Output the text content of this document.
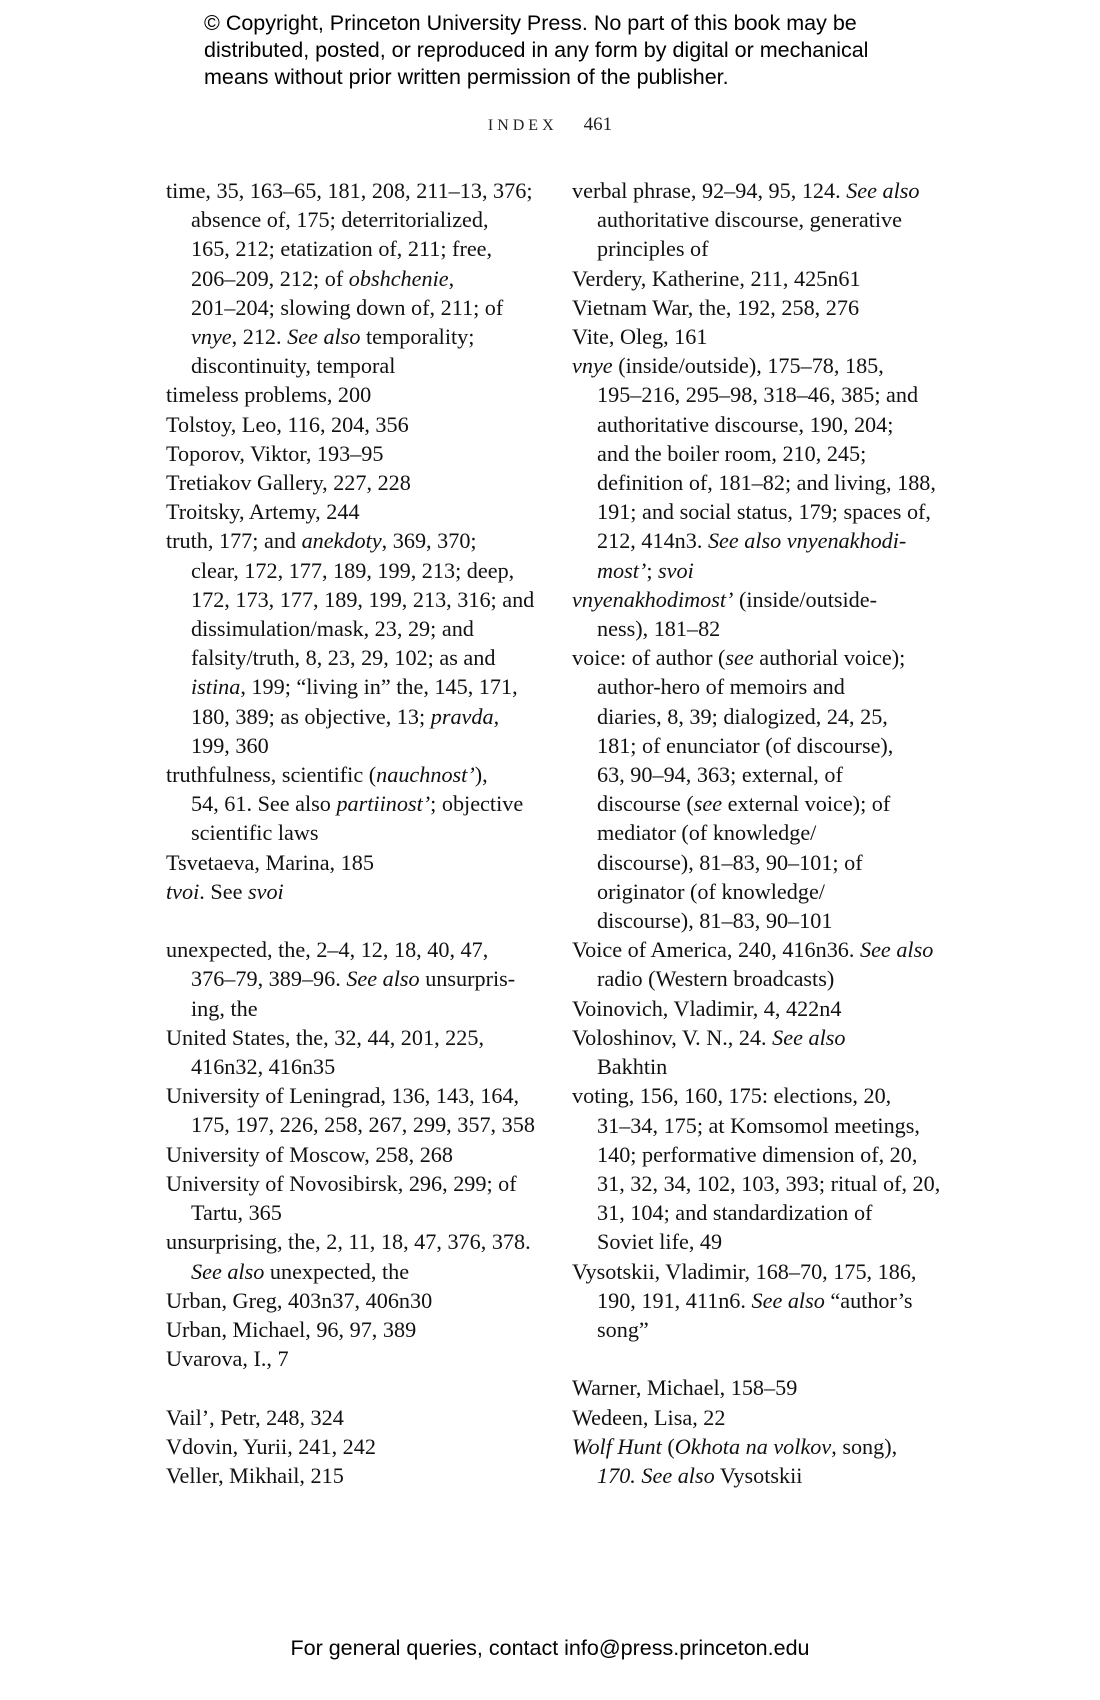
© Copyright, Princeton University Press. No part of this book may be
distributed, posted, or reproduced in any form by digital or mechanical
means without prior written permission of the publisher.
INDEX 461
time, 35, 163–65, 181, 208, 211–13, 376;
absence of, 175; deterritorialized,
165, 212; etatization of, 211; free,
206–209, 212; of obshchenie,
201–204; slowing down of, 211; of
vnye, 212. See also temporality;
discontinuity, temporal
timeless problems, 200
Tolstoy, Leo, 116, 204, 356
Toporov, Viktor, 193–95
Tretiakov Gallery, 227, 228
Troitsky, Artemy, 244
truth, 177; and anekdoty, 369, 370;
clear, 172, 177, 189, 199, 213; deep,
172, 173, 177, 189, 199, 213, 316; and
dissimulation/mask, 23, 29; and
falsity/truth, 8, 23, 29, 102; as and
istina, 199; “living in” the, 145, 171,
180, 389; as objective, 13; pravda,
199, 360
truthfulness, scientific (nauchnost’),
54, 61. See also partiinost’; objective
scientific laws
Tsvetaeva, Marina, 185
tvoi. See svoi
unexpected, the, 2–4, 12, 18, 40, 47,
376–79, 389–96. See also unsurpris-
ing, the
United States, the, 32, 44, 201, 225,
416n32, 416n35
University of Leningrad, 136, 143, 164,
175, 197, 226, 258, 267, 299, 357, 358
University of Moscow, 258, 268
University of Novosibirsk, 296, 299; of
Tartu, 365
unsurprising, the, 2, 11, 18, 47, 376, 378.
See also unexpected, the
Urban, Greg, 403n37, 406n30
Urban, Michael, 96, 97, 389
Uvarova, I., 7
Vail’, Petr, 248, 324
Vdovin, Yurii, 241, 242
Veller, Mikhail, 215
verbal phrase, 92–94, 95, 124. See also
authoritative discourse, generative
principles of
Verdery, Katherine, 211, 425n61
Vietnam War, the, 192, 258, 276
Vite, Oleg, 161
vnye (inside/outside), 175–78, 185,
195–216, 295–98, 318–46, 385; and
authoritative discourse, 190, 204;
and the boiler room, 210, 245;
definition of, 181–82; and living, 188,
191; and social status, 179; spaces of,
212, 414n3. See also vnyenakhodi-
most’; svoi
vnyenakhodimost’ (inside/outside-
ness), 181–82
voice: of author (see authorial voice);
author-hero of memoirs and
diaries, 8, 39; dialogized, 24, 25,
181; of enunciator (of discourse),
63, 90–94, 363; external, of
discourse (see external voice); of
mediator (of knowledge/
discourse), 81–83, 90–101; of
originator (of knowledge/
discourse), 81–83, 90–101
Voice of America, 240, 416n36. See also
radio (Western broadcasts)
Voinovich, Vladimir, 4, 422n4
Voloshinov, V. N., 24. See also
Bakhtin
voting, 156, 160, 175: elections, 20,
31–34, 175; at Komsomol meetings,
140; performative dimension of, 20,
31, 32, 34, 102, 103, 393; ritual of, 20,
31, 104; and standardization of
Soviet life, 49
Vysotskii, Vladimir, 168–70, 175, 186,
190, 191, 411n6. See also “author’s
song”
Warner, Michael, 158–59
Wedeen, Lisa, 22
Wolf Hunt (Okhota na volkov, song),
170. See also Vysotskii
For general queries, contact info@press.princeton.edu
